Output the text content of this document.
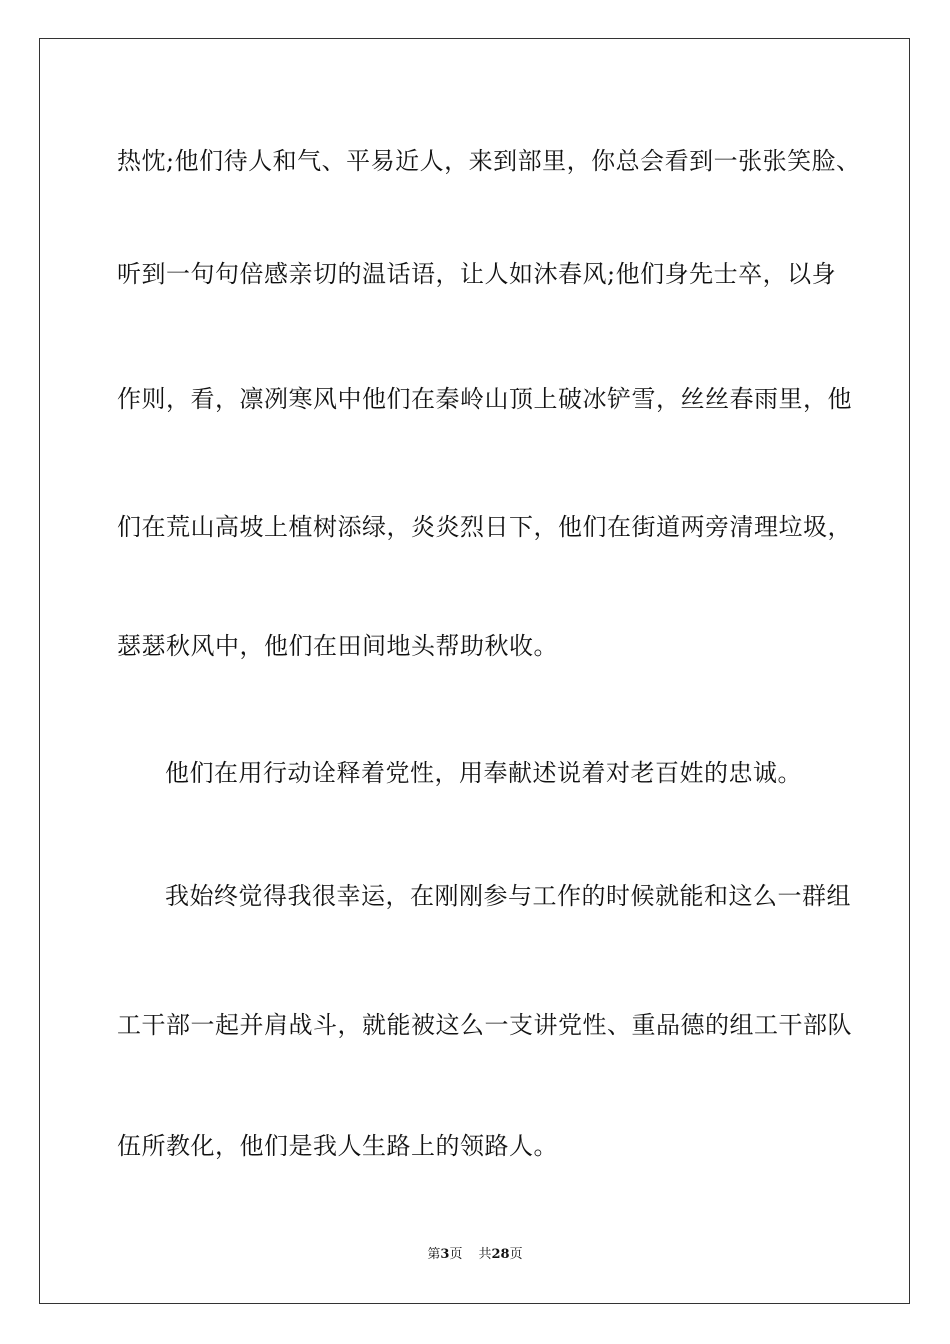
热忱;他们待人和气、平易近人，来到部里，你总会看到一张张笑脸、
听到一句句倍感亲切的温话语，让人如沐春风;他们身先士卒，以身
作则，看，凛冽寒风中他们在秦岭山顶上破冰铲雪，丝丝春雨里，他
们在荒山高坡上植树添绿，炎炎烈日下，他们在街道两旁清理垃圾，
瑟瑟秋风中，他们在田间地头帮助秋收。
他们在用行动诠释着党性，用奉献述说着对老百姓的忠诚。
我始终觉得我很幸运，在刚刚参与工作的时候就能和这么一群组
工干部一起并肩战斗，就能被这么一支讲党性、重品德的组工干部队
伍所教化，他们是我人生路上的领路人。
第3页 共28页
